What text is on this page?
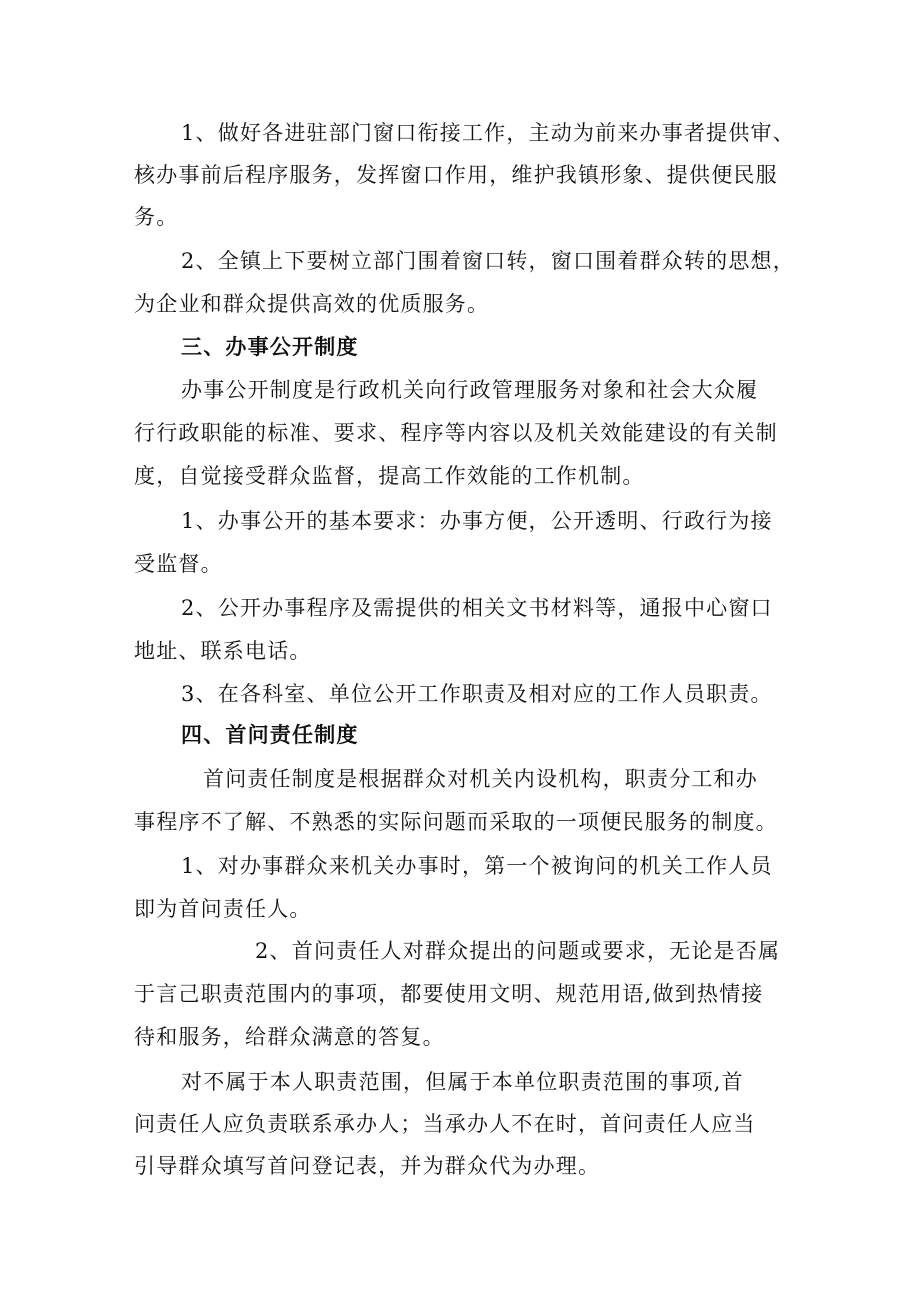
1、做好各进驻部门窗口衔接工作，主动为前来办事者提供审、
核办事前后程序服务，发挥窗口作用，维护我镇形象、提供便民服
务。
2、全镇上下要树立部门围着窗口转，窗口围着群众转的思想，
为企业和群众提供高效的优质服务。
三、办事公开制度
办事公开制度是行政机关向行政管理服务对象和社会大众履
行行政职能的标准、要求、程序等内容以及机关效能建设的有关制
度，自觉接受群众监督，提高工作效能的工作机制。
1、办事公开的基本要求：办事方便，公开透明、行政行为接
受监督。
2、公开办事程序及需提供的相关文书材料等，通报中心窗口
地址、联系电话。
3、在各科室、单位公开工作职责及相对应的工作人员职责。
四、首问责任制度
首问责任制度是根据群众对机关内设机构，职责分工和办
事程序不了解、不熟悉的实际问题而采取的一项便民服务的制度。
1、对办事群众来机关办事时，第一个被询问的机关工作人员
即为首问责任人。
2、首问责任人对群众提出的问题或要求，无论是否属
于言己职责范围内的事项，都要使用文明、规范用语,做到热情接
待和服务，给群众满意的答复。
对不属于本人职责范围，但属于本单位职责范围的事项,首
问责任人应负责联系承办人；当承办人不在时，首问责任人应当
引导群众填写首问登记表，并为群众代为办理。
